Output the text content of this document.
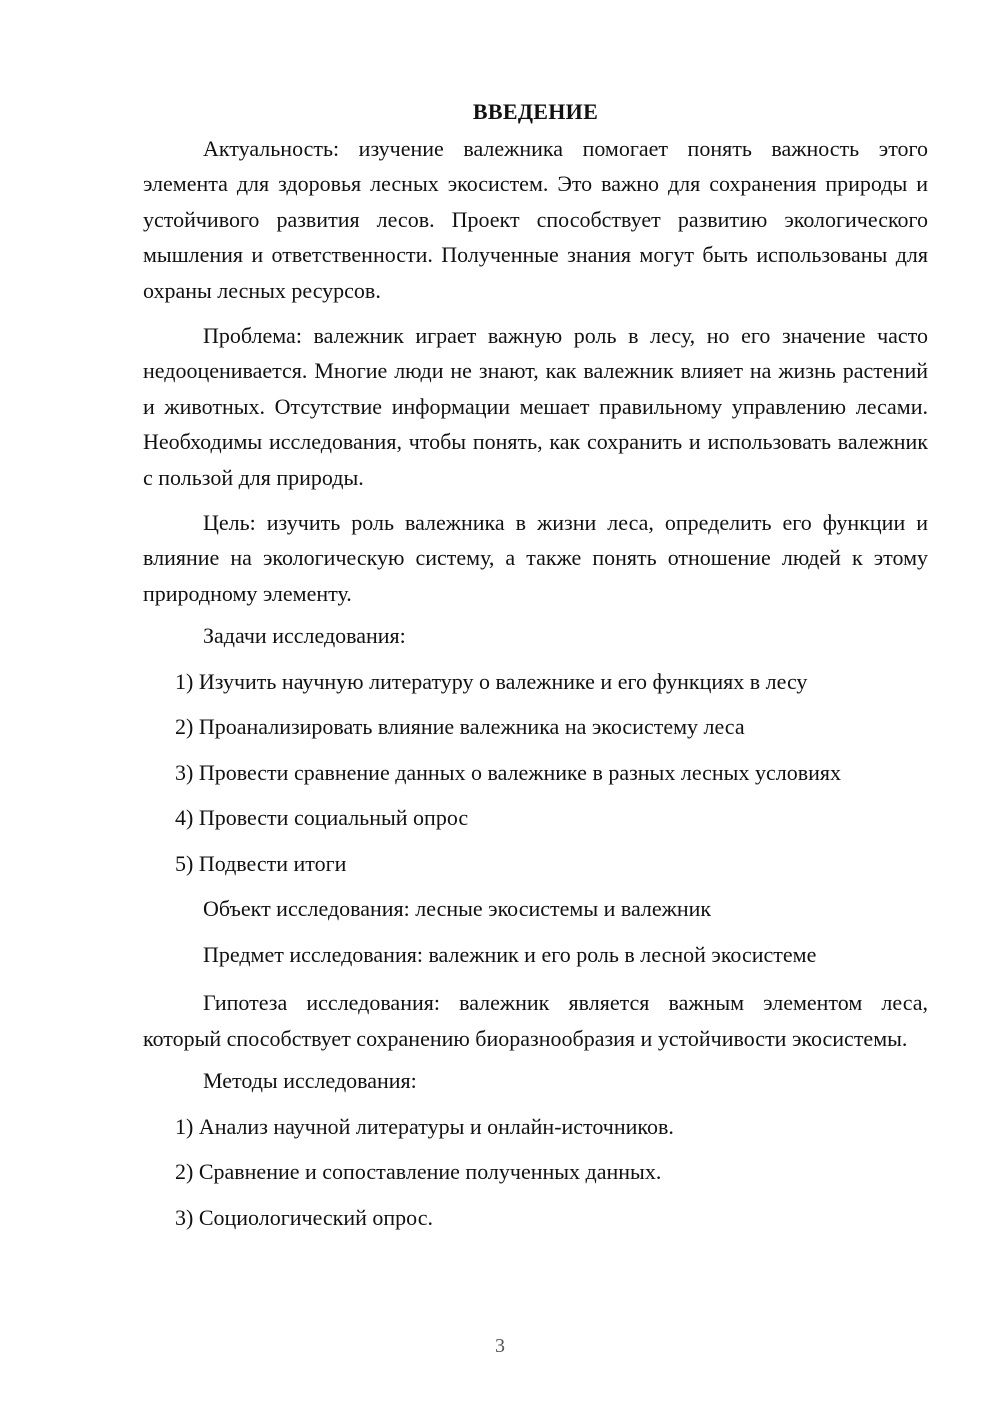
ВВЕДЕНИЕ

Актуальность: изучение валежника помогает понять важность этого элемента для здоровья лесных экосистем. Это важно для сохранения природы и устойчивого развития лесов. Проект способствует развитию экологического мышления и ответственности. Полученные знания могут быть использованы для охраны лесных ресурсов.

Проблема: валежник играет важную роль в лесу, но его значение часто недооценивается. Многие люди не знают, как валежник влияет на жизнь растений и животных. Отсутствие информации мешает правильному управлению лесами. Необходимы исследования, чтобы понять, как сохранить и использовать валежник с пользой для природы.

Цель: изучить роль валежника в жизни леса, определить его функции и влияние на экологическую систему, а также понять отношение людей к этому природному элементу.

Задачи исследования:
1) Изучить научную литературу о валежнике и его функциях в лесу
2) Проанализировать влияние валежника на экосистему леса
3) Провести сравнение данных о валежнике в разных лесных условиях
4) Провести социальный опрос
5) Подвести итоги
Объект исследования: лесные экосистемы и валежник
Предмет исследования: валежник и его роль в лесной экосистеме

Гипотеза исследования: валежник является важным элементом леса, который способствует сохранению биоразнообразия и устойчивости экосистемы.

Методы исследования:
1) Анализ научной литературы и онлайн-источников.
2) Сравнение и сопоставление полученных данных.
3) Социологический опрос.
3
